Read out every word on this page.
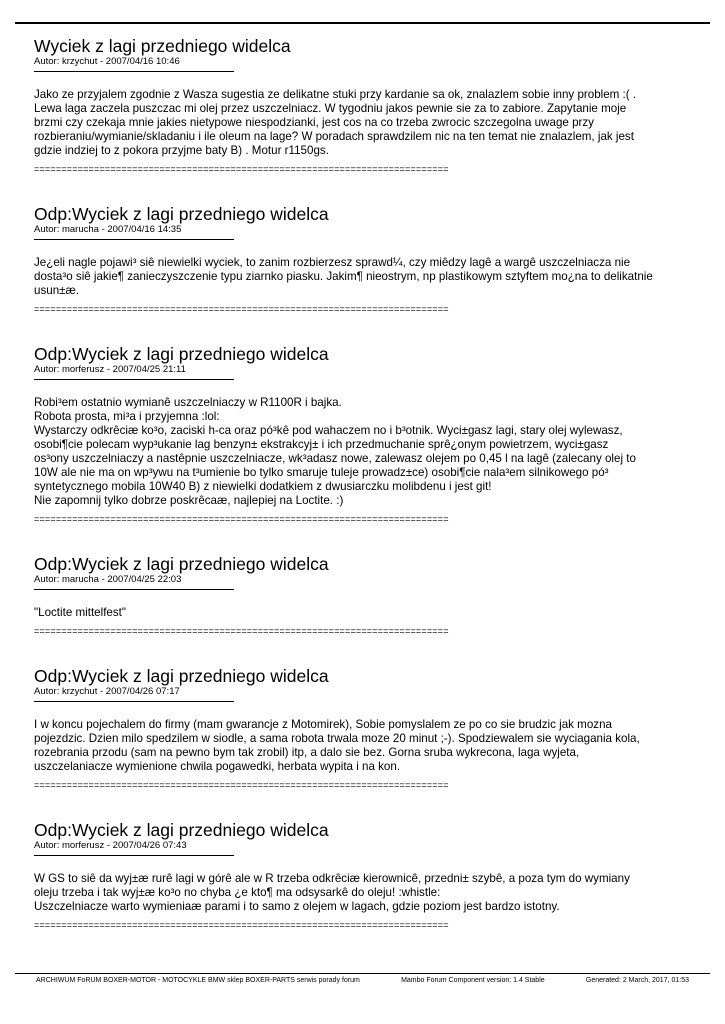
Wyciek z lagi przedniego widelca
Autor: krzychut - 2007/04/16 10:46
Jako ze przyjalem zgodnie z Wasza sugestia ze delikatne stuki przy kardanie sa ok, znalazlem sobie inny problem :( .
Lewa laga zaczela puszczac mi olej przez uszczelniacz. W tygodniu jakos pewnie sie za to zabiore. Zapytanie moje
brzmi czy czekaja mnie jakies nietypowe niespodzianki, jest cos na co trzeba zwrocic szczegolna uwage przy
rozbieraniu/wymianie/skladaniu i ile oleum na lage? W poradach sprawdzilem nic na ten temat nie znalazlem, jak jest
gdzie indziej to z pokora przyjme baty B) . Motur r1150gs.
============================================================================
Odp:Wyciek z lagi przedniego widelca
Autor: marucha - 2007/04/16 14:35
Je¿eli nagle pojawi³ siê niewielki wyciek, to zanim rozbierzesz sprawd¼, czy miêdzy lagê a wargê uszczelniacza nie
dosta³o siê jakie¶ zanieczyszczenie typu ziarnko piasku. Jakim¶ nieostrym, np plastikowym sztyftem mo¿na to delikatnie
usun±æ.
============================================================================
Odp:Wyciek z lagi przedniego widelca
Autor: morferusz - 2007/04/25 21:11
Robi³em ostatnio wymianê uszczelniaczy w R1100R i bajka.
Robota prosta, mi³a i przyjemna :lol:
Wystarczy odkrêciæ ko³o, zaciski h-ca oraz pó³kê pod wahaczem no i b³otnik. Wyci±gasz lagi, stary olej wylewasz,
osobi¶cie polecam wyp³ukanie lag benzyn± ekstrakcyj± i ich przedmuchanie sprê¿onym powietrzem, wyci±gasz
os³ony uszczelniaczy a nastêpnie uszczelniacze, wk³adasz nowe, zalewasz olejem po 0,45 l na lagê (zalecany olej to
10W ale nie ma on wp³ywu na t³umienie bo tylko smaruje tuleje prowadz±ce) osobi¶cie nala³em silnikowego pó³
syntetycznego mobila 10W40 B) z niewielki dodatkiem z dwusiarczku molibdenu i jest git!
Nie zapomnij tylko dobrze poskrêcaæ, najlepiej na Loctite. :)
============================================================================
Odp:Wyciek z lagi przedniego widelca
Autor: marucha - 2007/04/25 22:03
"Loctite mittelfest"
============================================================================
Odp:Wyciek z lagi przedniego widelca
Autor: krzychut - 2007/04/26 07:17
I w koncu pojechalem do firmy (mam gwarancje z Motomirek), Sobie pomyslalem ze po co sie brudzic jak mozna
pojezdzic. Dzien milo spedzilem w siodle, a sama robota trwala moze 20 minut ;-). Spodziewalem sie wyciagania kola,
rozebrania przodu (sam na pewno bym tak zrobil) itp, a dalo sie bez. Gorna sruba wykrecona, laga wyjeta,
uszczelaniacze wymienione chwila pogawedki, herbata wypita i na kon.
============================================================================
Odp:Wyciek z lagi przedniego widelca
Autor: morferusz - 2007/04/26 07:43
W GS to siê da wyj±æ rurê lagi w górê ale w R trzeba odkrêciæ kierownicê, przedni± szybê, a poza tym do wymiany
oleju trzeba i tak wyj±æ ko³o no chyba ¿e kto¶ ma odsysarkê do oleju! :whistle:
Uszczelniacze warto wymieniaæ parami i to samo z olejem w lagach, gdzie poziom jest bardzo istotny.
============================================================================
ARCHIWUM FoRUM BOXER-MOTOR - MOTOCYKLE BMW sklep BOXER-PARTS serwis porady forum	Mambo Forum Component version: 1.4 Stable	Generated: 2 March, 2017, 01:53
